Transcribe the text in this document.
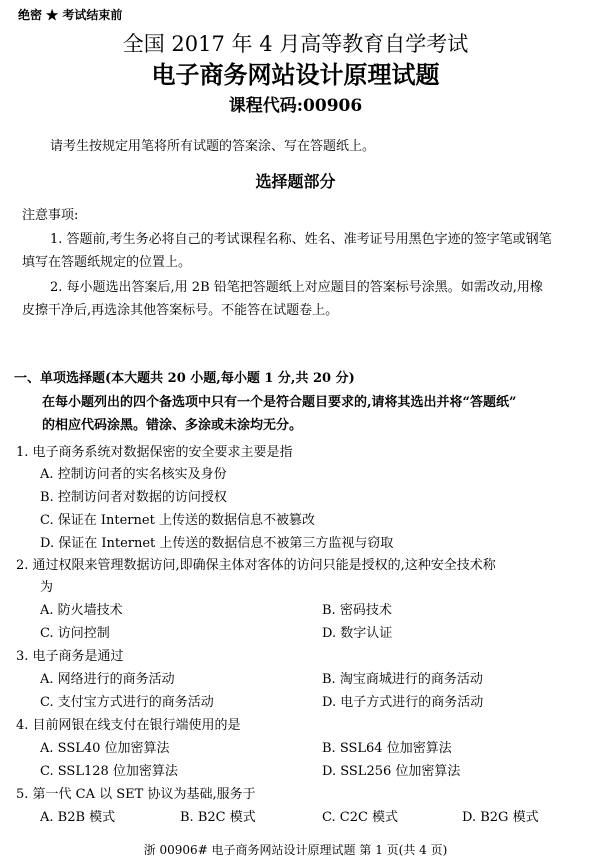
绝密 ★ 考试结束前
全国 2017 年 4 月高等教育自学考试
电子商务网站设计原理试题
课程代码:00906
请考生按规定用笔将所有试题的答案涂、写在答题纸上。
选择题部分
注意事项:
1. 答题前,考生务必将自己的考试课程名称、姓名、准考证号用黑色字迹的签字笔或钢笔
填写在答题纸规定的位置上。
2. 每小题选出答案后,用 2B 铅笔把答题纸上对应题目的答案标号涂黑。如需改动,用橡
皮擦干净后,再选涂其他答案标号。不能答在试题卷上。
一、单项选择题(本大题共 20 小题,每小题 1 分,共 20 分)
在每小题列出的四个备选项中只有一个是符合题目要求的,请将其选出并将“答题纸”
的相应代码涂黑。错涂、多涂或未涂均无分。
1. 电子商务系统对数据保密的安全要求主要是指
A. 控制访问者的实名核实及身份
B. 控制访问者对数据的访问授权
C. 保证在 Internet 上传送的数据信息不被篡改
D. 保证在 Internet 上传送的数据信息不被第三方监视与窃取
2. 通过权限来管理数据访问,即确保主体对客体的访问只能是授权的,这种安全技术称
为
A. 防火墙技术	B. 密码技术
C. 访问控制	D. 数字认证
3. 电子商务是通过
A. 网络进行的商务活动	B. 淘宝商城进行的商务活动
C. 支付宝方式进行的商务活动	D. 电子方式进行的商务活动
4. 目前网银在线支付在银行端使用的是
A. SSL40 位加密算法	B. SSL64 位加密算法
C. SSL128 位加密算法	D. SSL256 位加密算法
5. 第一代 CA 以 SET 协议为基础,服务于
A. B2B 模式	B. B2C 模式	C. C2C 模式	D. B2G 模式
浙 00906# 电子商务网站设计原理试题 第 1 页(共 4 页)
